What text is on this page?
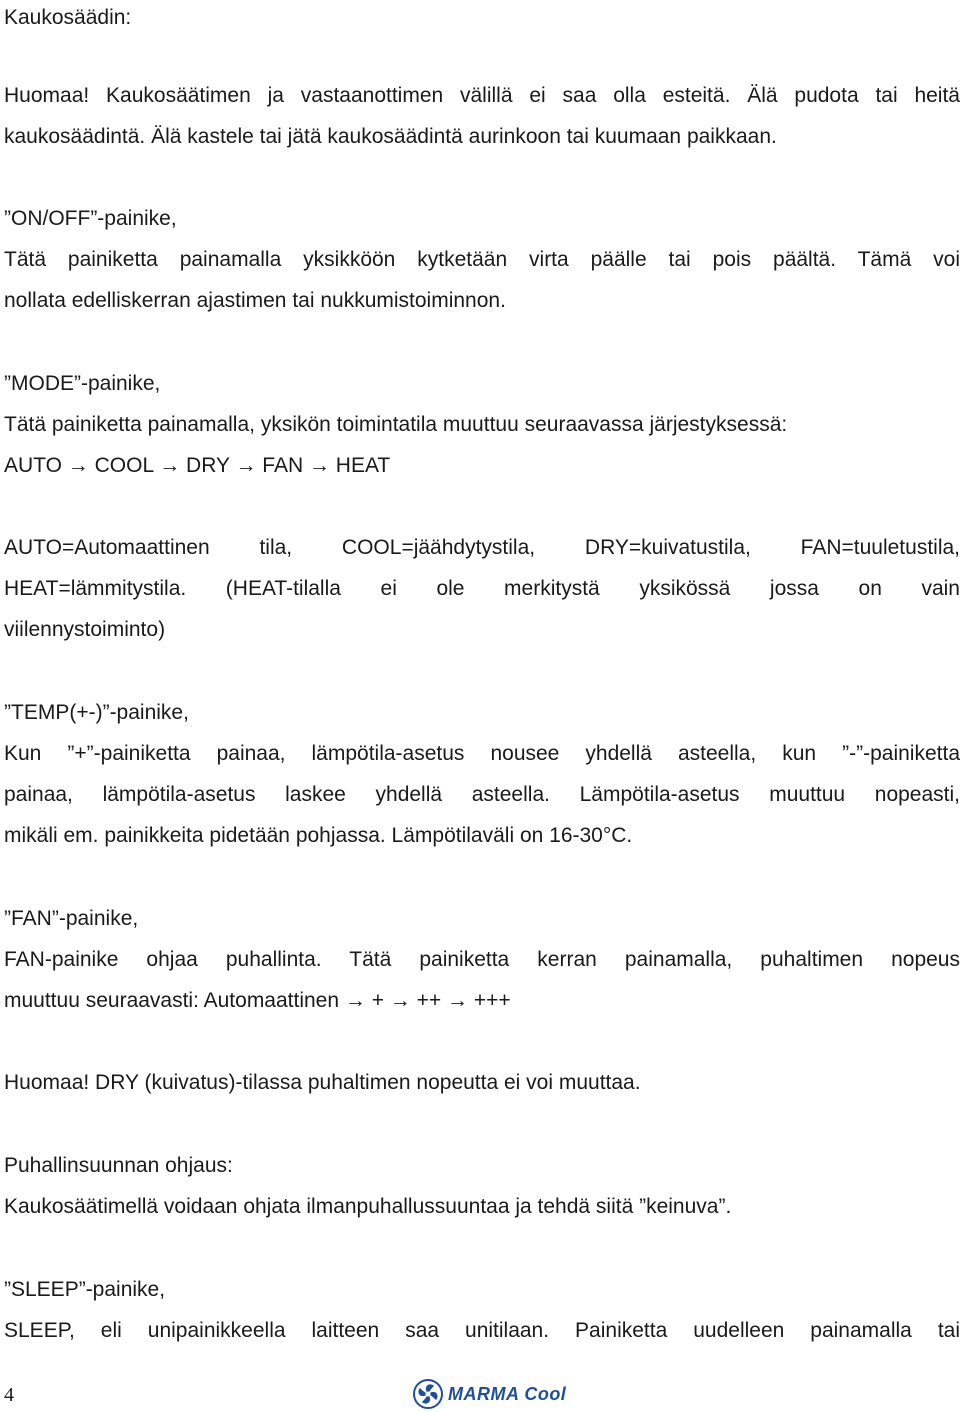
Kaukosäädin:
Huomaa! Kaukosäätimen ja vastaanottimen välillä ei saa olla esteitä. Älä pudota tai heitä
kaukosäädintä. Älä kastele tai jätä kaukosäädintä aurinkoon tai kuumaan paikkaan.
”ON/OFF”-painike,
Tätä painiketta painamalla yksikköön kytketään virta päälle tai pois päältä. Tämä voi
nollata edelliskerran ajastimen tai nukkumistoiminnon.
”MODE”-painike,
Tätä painiketta painamalla, yksikön toimintatila muuttuu seuraavassa järjestyksessä:
AUTO → COOL → DRY → FAN → HEAT
AUTO=Automaattinen tila, COOL=jäähdytystila, DRY=kuivatustila, FAN=tuuletustila,
HEAT=lämmitystila. (HEAT-tilalla ei ole merkitystä yksikössä jossa on vain
viilennystoiminto)
”TEMP(+-)”-painike,
Kun ”+”-painiketta painaa, lämpötila-asetus nousee yhdellä asteella, kun ”-”-painiketta
painaa, lämpötila-asetus laskee yhdellä asteella. Lämpötila-asetus muuttuu nopeasti,
mikäli em. painikkeita pidetään pohjassa. Lämpötilaväli on 16-30°C.
”FAN”-painike,
FAN-painike ohjaa puhallinta. Tätä painiketta kerran painamalla, puhaltimen nopeus
muuttuu seuraavasti: Automaattinen → + → ++ → +++
Huomaa! DRY (kuivatus)-tilassa puhaltimen nopeutta ei voi muuttaa.
Puhallinsuunnan ohjaus:
Kaukosäätimellä voidaan ohjata ilmanpuhallussuuntaa ja tehdä siitä ”keinuva”.
”SLEEP”-painike,
SLEEP, eli unipainikkeella laitteen saa unitilaan. Painiketta uudelleen painamalla tai
4	MARMA Cool
